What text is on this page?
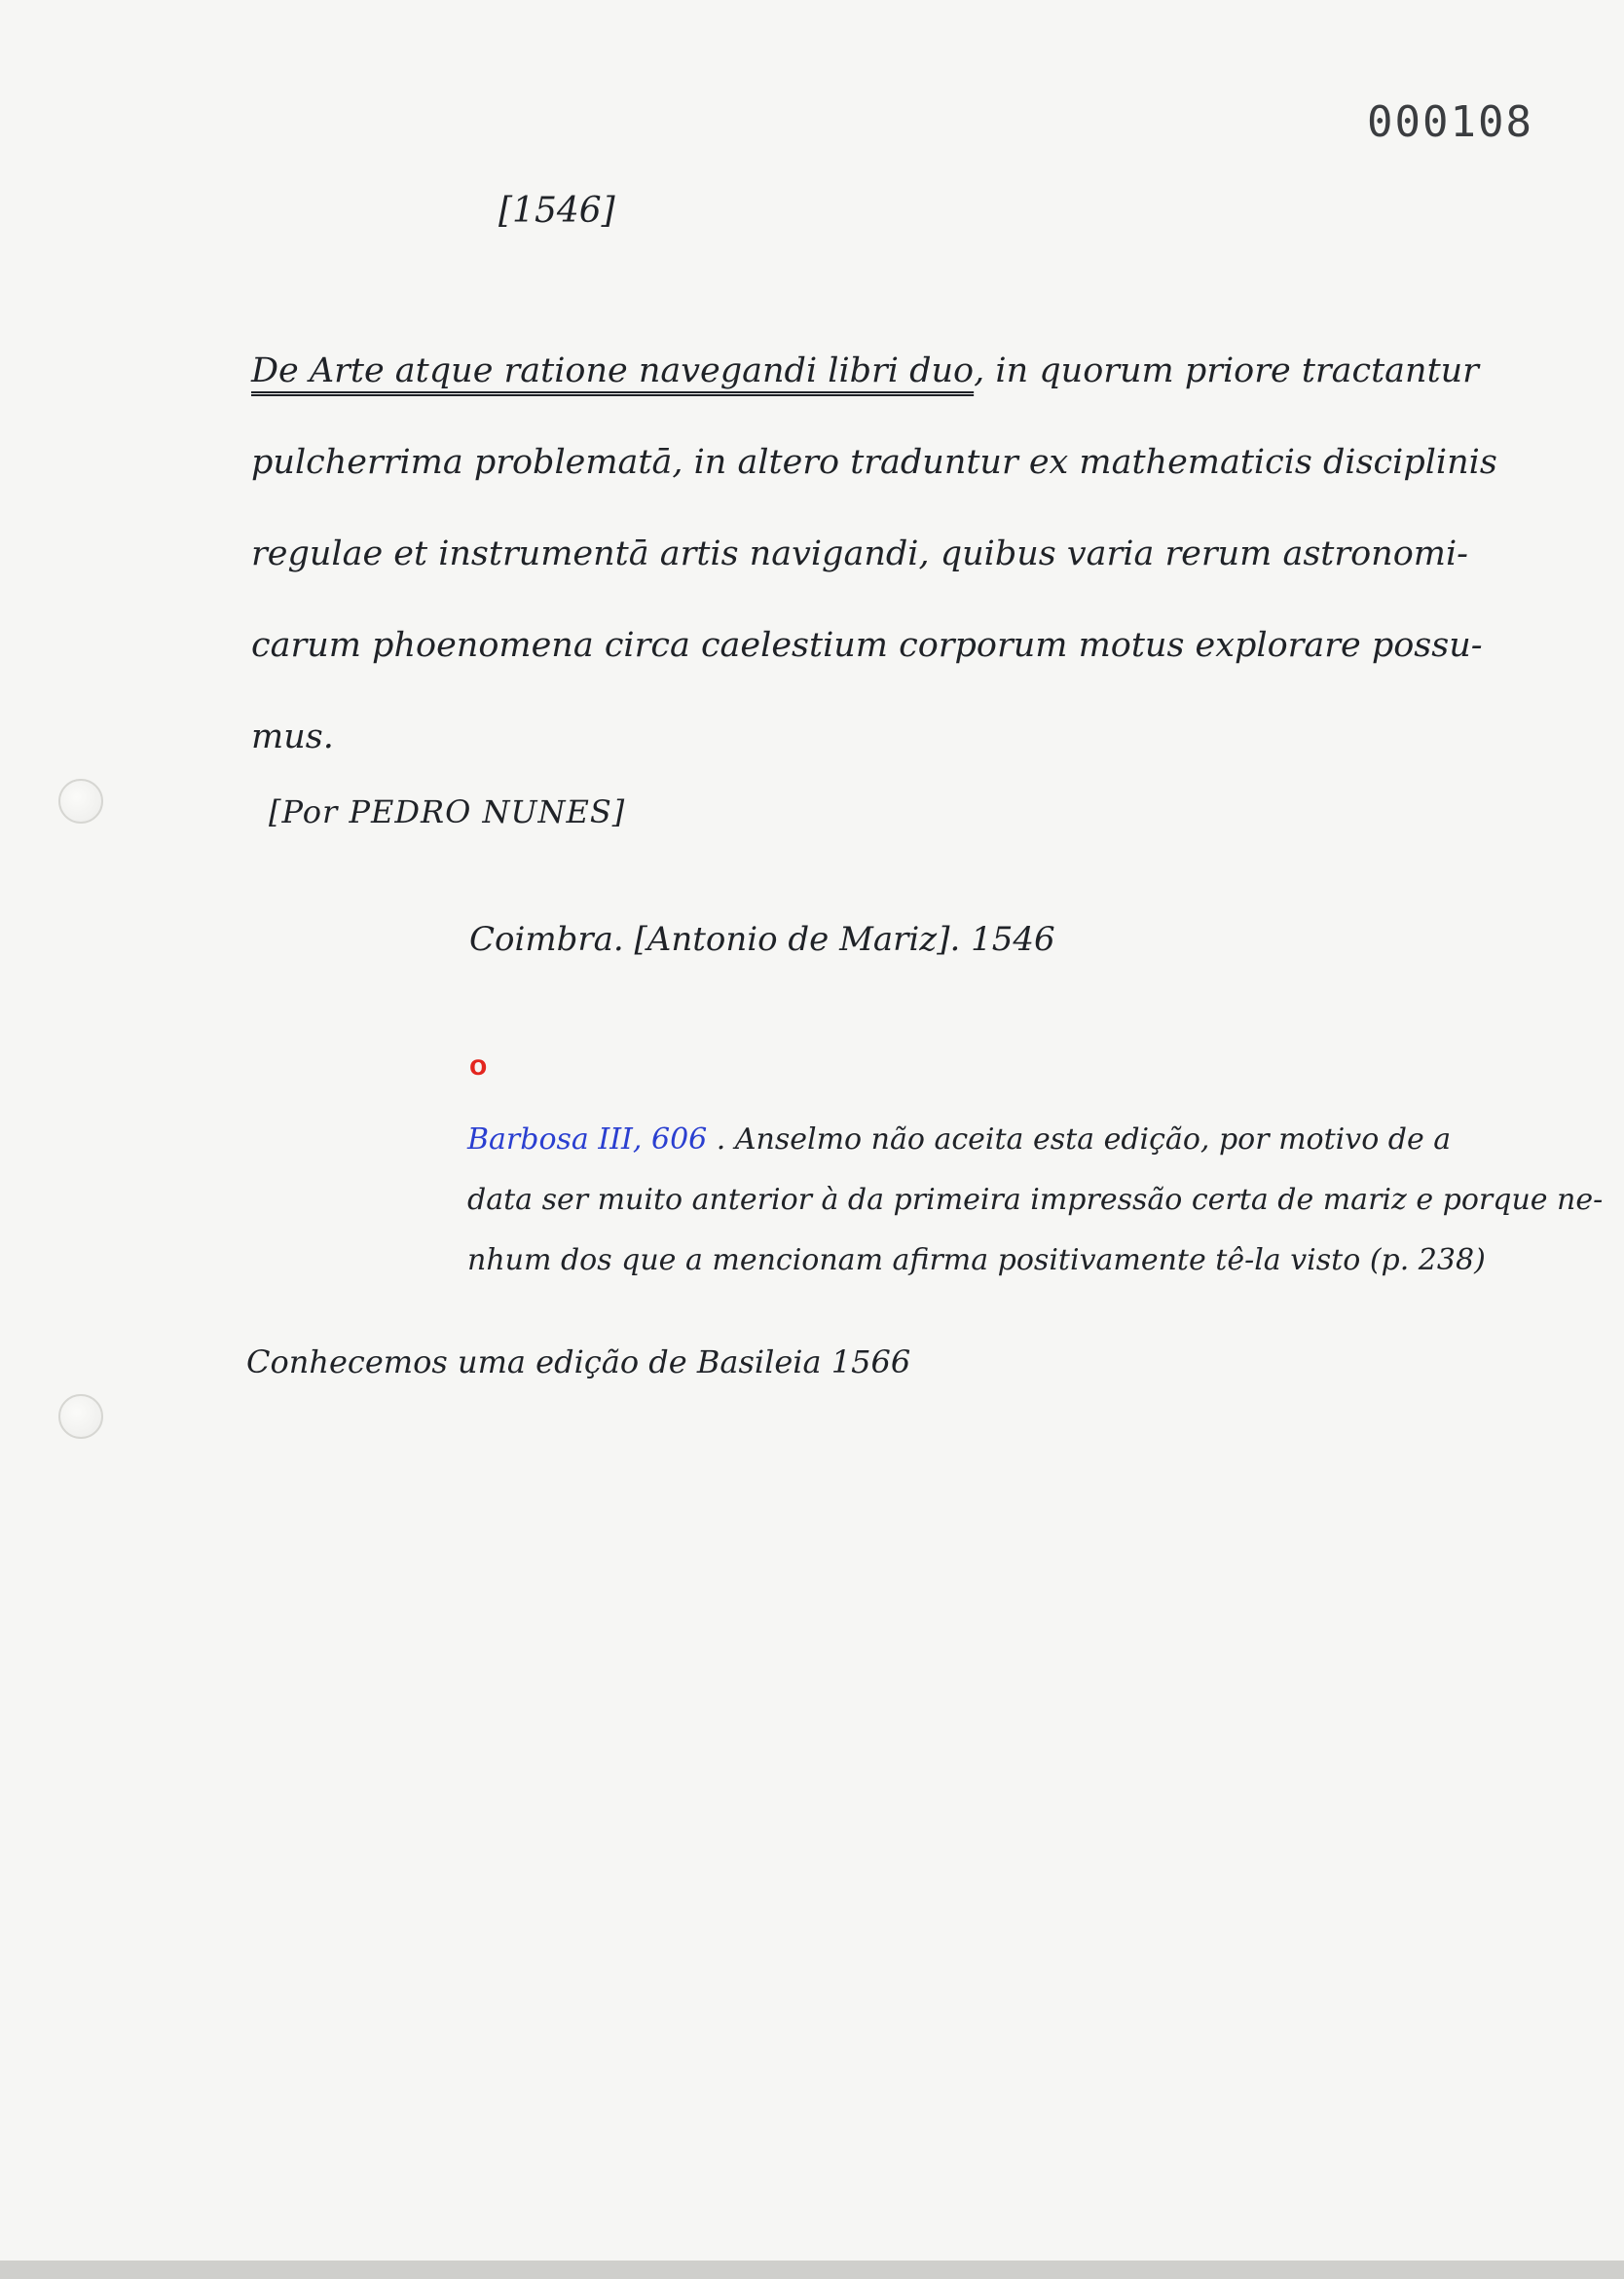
000108
[1546]
De Arte atque ratione navegandi libri duo, in quorum priore tractantur
pulcherrima problematā, in altero traduntur ex mathematicis disciplinis
regulae et instrumentā artis navigandi, quibus varia rerum astronomi-
carum phoenomena circa caelestium corporum motus explorare possu-
mus.
[Por PEDRO NUNES]
Coimbra. [Antonio de Mariz]. 1546
o
Barbosa III, 606 . Anselmo não aceita esta edição, por motivo de a
data ser muito anterior à da primeira impressão certa de mariz e porque ne-
nhum dos que a mencionam afirma positivamente tê-la visto (p. 238)
Conhecemos uma edição de Basileia 1566
